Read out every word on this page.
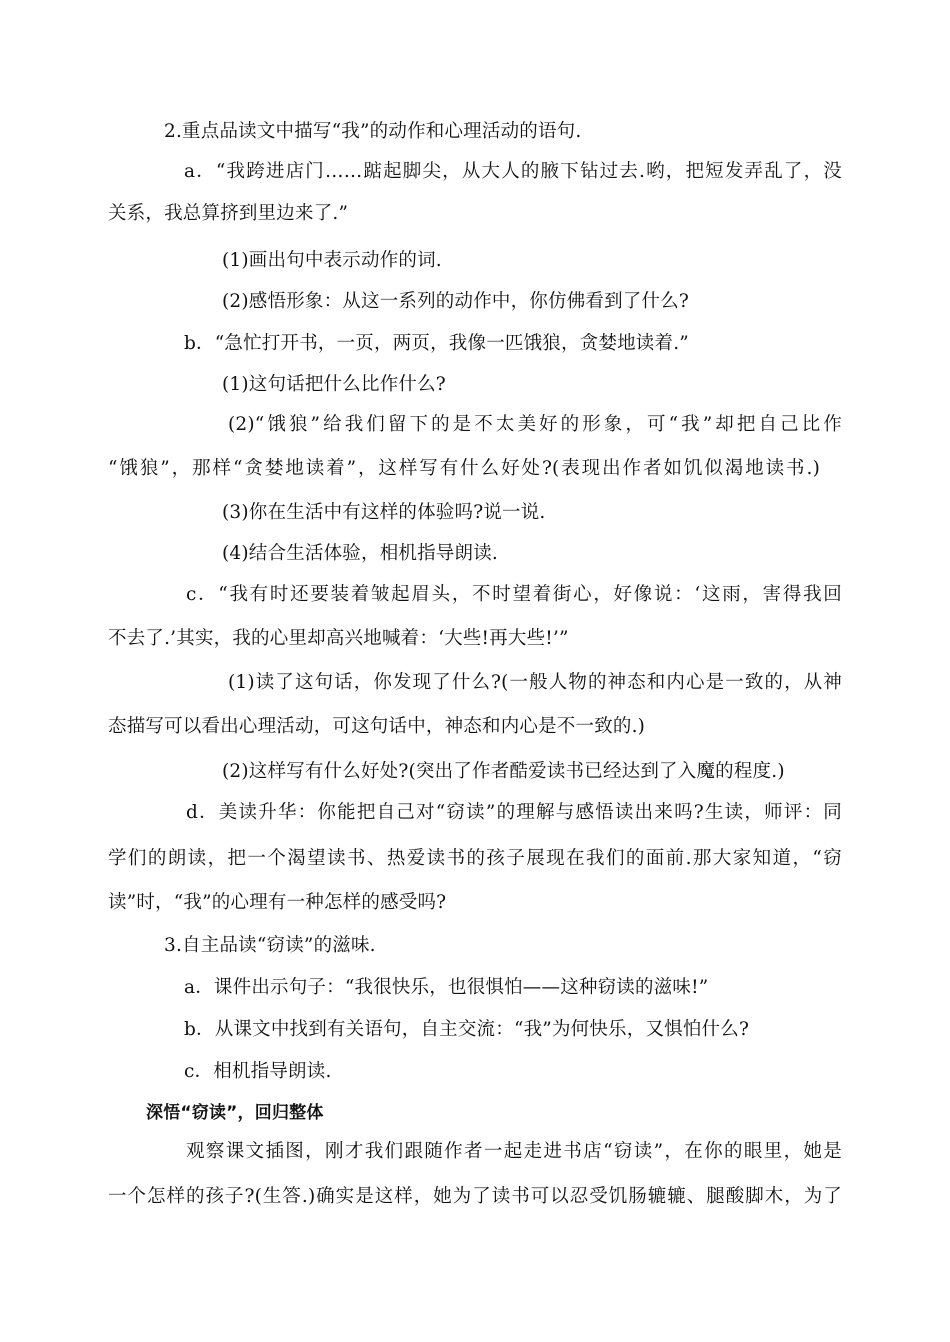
2.重点品读文中描写“我”的动作和心理活动的语句.
a．“我跨进店门……踮起脚尖，从大人的腋下钻过去.哟，把短发弄乱了，没
关系，我总算挤到里边来了.”
(1)画出句中表示动作的词.
(2)感悟形象：从这一系列的动作中，你仿佛看到了什么?
b．“急忙打开书，一页，两页，我像一匹饿狼，贪婪地读着.”
(1)这句话把什么比作什么?
(2)“饿狼”给我们留下的是不太美好的形象，可“我”却把自己比作
“饿狼”，那样“贪婪地读着”，这样写有什么好处?(表现出作者如饥似渴地读书.)
(3)你在生活中有这样的体验吗?说一说.
(4)结合生活体验，相机指导朗读.
c．“我有时还要装着皱起眉头，不时望着街心，好像说：‘这雨，害得我回
不去了.’其实，我的心里却高兴地喊着：‘大些!再大些!’”
(1)读了这句话，你发现了什么?(一般人物的神态和内心是一致的，从神
态描写可以看出心理活动，可这句话中，神态和内心是不一致的.)
(2)这样写有什么好处?(突出了作者酷爱读书已经达到了入魔的程度.)
d．美读升华：你能把自己对“窃读”的理解与感悟读出来吗?生读，师评：同
学们的朗读，把一个渴望读书、热爱读书的孩子展现在我们的面前.那大家知道，“窃
读”时，“我”的心理有一种怎样的感受吗?
3.自主品读“窃读”的滋味.
a．课件出示句子：“我很快乐，也很惧怕——这种窃读的滋味!”
b．从课文中找到有关语句，自主交流：“我”为何快乐，又惧怕什么?
c．相机指导朗读.
深悟“窃读”，回归整体
观察课文插图，刚才我们跟随作者一起走进书店“窃读”，在你的眼里，她是
一个怎样的孩子?(生答.)确实是这样，她为了读书可以忍受饥肠辘辘、腿酸脚木，为了
